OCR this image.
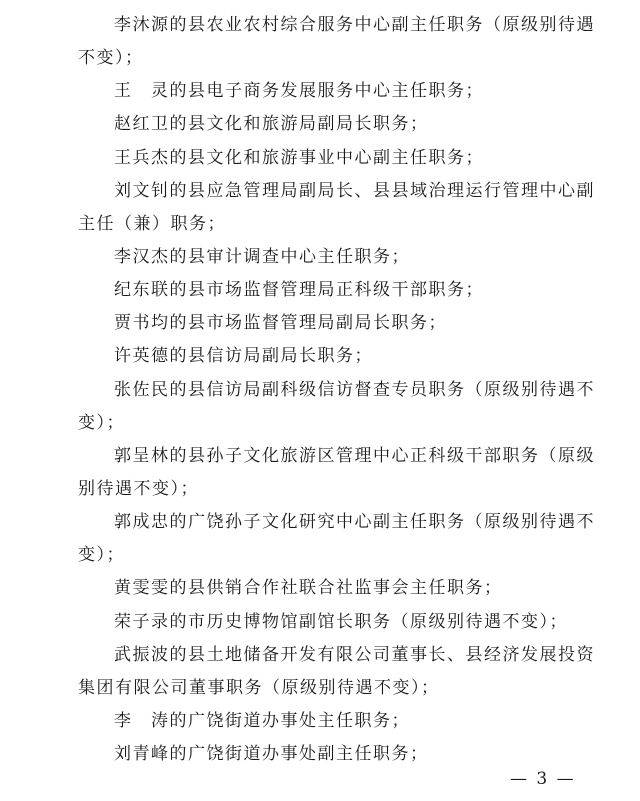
李沐源的县农业农村综合服务中心副主任职务（原级别待遇
不变）；
王　灵的县电子商务发展服务中心主任职务；
赵红卫的县文化和旅游局副局长职务；
王兵杰的县文化和旅游事业中心副主任职务；
刘文钊的县应急管理局副局长、县县域治理运行管理中心副
主任（兼）职务；
李汉杰的县审计调查中心主任职务；
纪东联的县市场监督管理局正科级干部职务；
贾书均的县市场监督管理局副局长职务；
许英德的县信访局副局长职务；
张佐民的县信访局副科级信访督查专员职务（原级别待遇不
变）；
郭呈林的县孙子文化旅游区管理中心正科级干部职务（原级
别待遇不变）；
郭成忠的广饶孙子文化研究中心副主任职务（原级别待遇不
变）；
黄雯雯的县供销合作社联合社监事会主任职务；
荣子录的市历史博物馆副馆长职务（原级别待遇不变）；
武振波的县土地储备开发有限公司董事长、县经济发展投资
集团有限公司董事职务（原级别待遇不变）；
李　涛的广饶街道办事处主任职务；
刘青峰的广饶街道办事处副主任职务；
— 3 —
